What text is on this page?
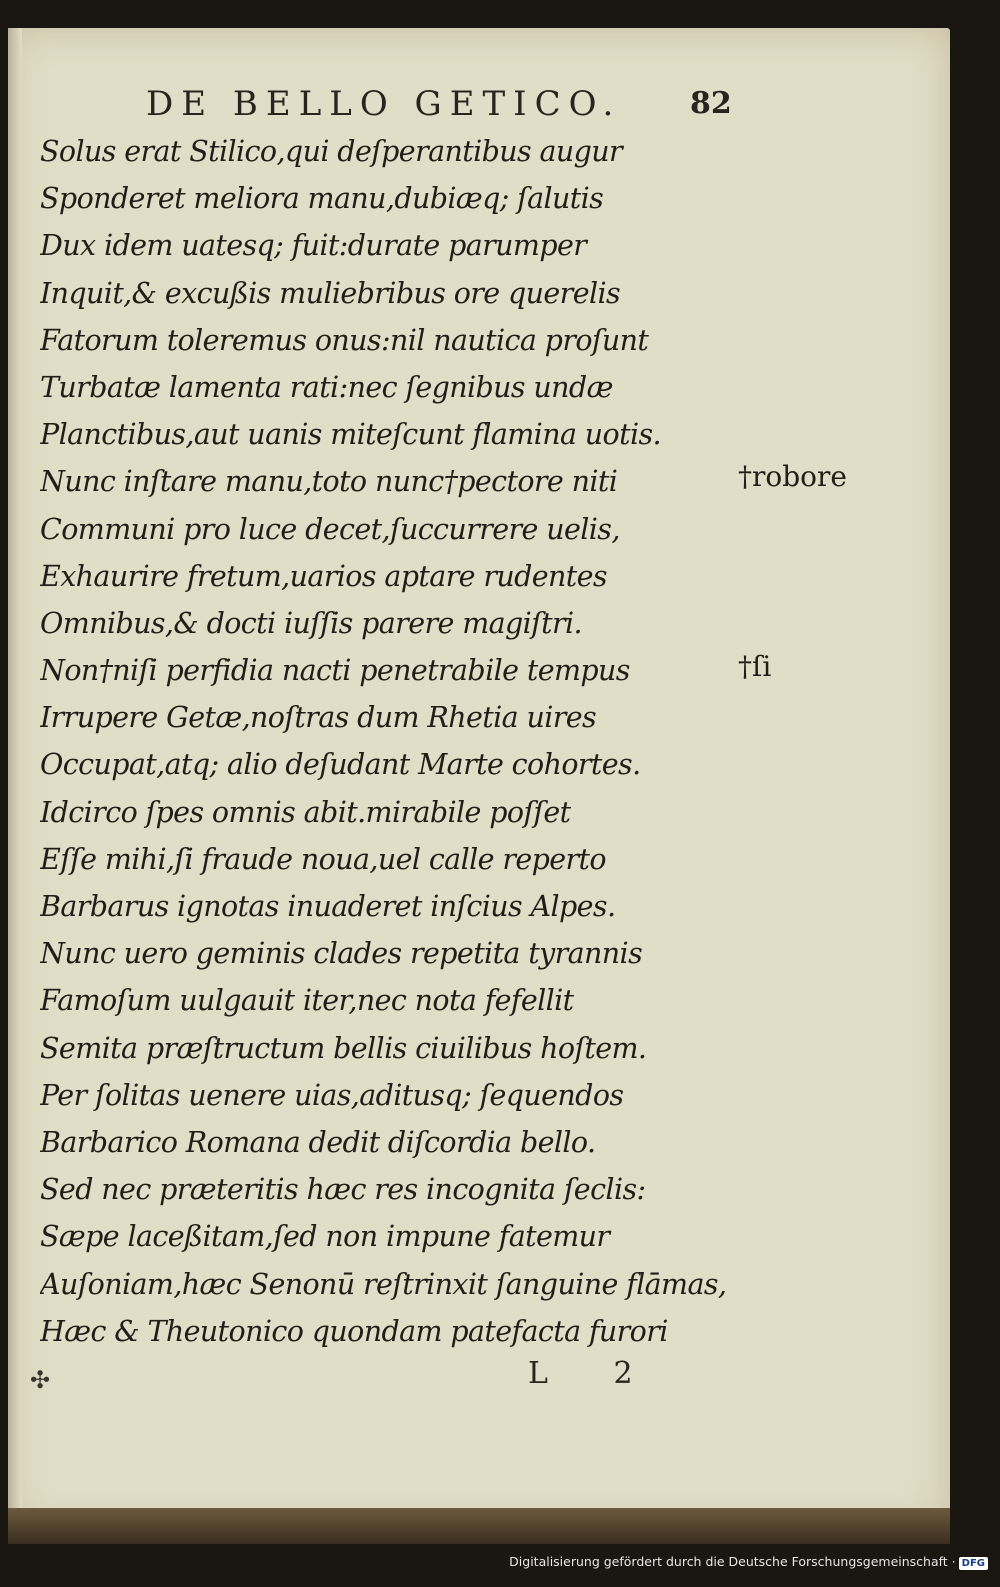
DE BELLO GETICO. 82
Solus erat Stilico,qui deſperantibus augur
Sponderet meliora manu,dubiæq; ſalutis
Dux idem uatesq; fuit:durate parumper
Inquit,& excußis muliebribus ore querelis
Fatorum toleremus onus:nil nautica proſunt
Turbatæ lamenta rati:nec ſegnibus undæ
Planctibus,aut uanis miteſcunt flamina uotis.
Nunc inſtare manu,toto nunc†pectore niti
Communi pro luce decet,ſuccurrere uelis,
Exhaurire fretum,uarios aptare rudentes
Omnibus,& docti iuſſis parere magiſtri.
Non†niſi perfidia nacti penetrabile tempus
Irrupere Getæ,noſtras dum Rhetia uires
Occupat,atq; alio deſudant Marte cohortes.
Idcirco ſpes omnis abit.mirabile poſſet
Eſſe mihi,ſi fraude noua,uel calle reperto
Barbarus ignotas inuaderet inſcius Alpes.
Nunc uero geminis clades repetita tyrannis
Famoſum uulgauit iter,nec nota fefellit
Semita præſtructum bellis ciuilibus hoſtem.
Per ſolitas uenere uias,aditusq; ſequendos
Barbarico Romana dedit diſcordia bello.
Sed nec præteritis hæc res incognita ſeclis:
Sæpe laceßitam,ſed non impune fatemur
Auſoniam,hæc Senonū reſtrinxit ſanguine flāmas,
Hæc & Theutonico quondam patefacta furori
†robore
†ſi
✣	L 2
Digitalisierung gefördert durch die Deutsche Forschungsgemeinschaft · DFG
